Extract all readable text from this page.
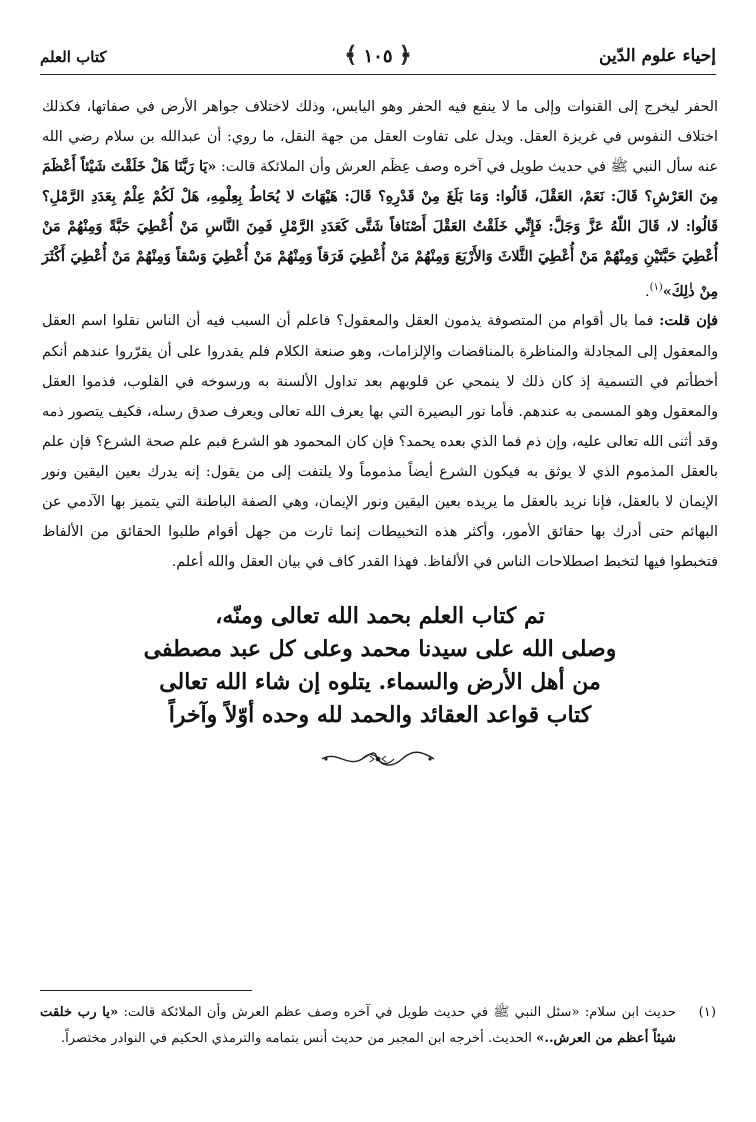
إحياء علوم الدّين
﴿ ١٠٥ ﴾
كتاب العلم

الحفر ليخرج إلى القنوات وإلى ما لا ينفع فيه الحفر وهو اليابس، وذلك لاختلاف جواهر الأرض في صفاتها، فكذلك اختلاف النفوس في غريزة العقل. ويدل على تفاوت العقل من جهة النقل، ما روي: أن عبدالله بن سلام رضي الله عنه سأل النبي ﷺ في حديث طويل في آخره وصف عِظَم العرش وأن الملائكة قالت: «يَا رَبَّنَا هَلْ خَلَقْتَ شَيْئاً أَعْظَمَ مِنَ العَرْشِ؟ قَالَ: نَعَمْ، العَقْلَ، قَالُوا: وَمَا بَلَغَ مِنْ قَدْرِهِ؟ قَالَ: هَيْهَاتَ لا يُحَاطُ بِعِلْمِهِ، هَلْ لَكُمْ عِلْمٌ بِعَدَدِ الرَّمْلِ؟ قَالُوا: لا، قَالَ اللّهُ عَزَّ وَجَلَّ: فَإِنِّي خَلَقْتُ العَقْلَ أَصْنَافاً شَتَّى كَعَدَدِ الرَّمْلِ فَمِنَ النَّاسِ مَنْ أُعْطِيَ حَبَّةً وَمِنْهُمْ مَنْ أُعْطِيَ حَبَّتَيْنِ وَمِنْهُمْ مَنْ أُعْطِيَ الثَّلاثَ وَالأَرْبَعَ وَمِنْهُمْ مَنْ أُعْطِيَ فَرَقاً وَمِنْهُمْ مَنْ أُعْطِيَ وَسْقاً وَمِنْهُمْ مَنْ أُعْطِيَ أَكْثَرَ مِنْ ذٰلِكَ»$^{(١)}$.

فإن قلت: فما بال أقوام من المتصوفة يذمون العقل والمعقول؟ فاعلم أن السبب فيه أن الناس نقلوا اسم العقل والمعقول إلى المجادلة والمناظرة بالمناقضات والإلزامات، وهو صنعة الكلام فلم يقدروا على أن يقرّروا عندهم أنكم أخطأتم في التسمية إذ كان ذلك لا ينمحي عن قلوبهم بعد تداول الألسنة به ورسوخه في القلوب، فذموا العقل والمعقول وهو المسمى به عندهم. فأما نور البصيرة التي بها يعرف الله تعالى ويعرف صدق رسله، فكيف يتصور ذمه وقد أثنى الله تعالى عليه، وإن ذم فما الذي بعده يحمد؟ فإن كان المحمود هو الشرع فبم علم صحة الشرع؟ فإن علم بالعقل المذموم الذي لا يوثق به فيكون الشرع أيضاً مذموماً ولا يلتفت إلى من يقول: إنه يدرك بعين اليقين ونور الإيمان لا بالعقل، فإنا نريد بالعقل ما يريده بعين اليقين ونور الإيمان، وهي الصفة الباطنة التي يتميز بها الآدمي عن البهائم حتى أدرك بها حقائق الأمور، وأكثر هذه التخبيطات إنما ثارت من جهل أقوام طلبوا الحقائق من الألفاظ فتخبطوا فيها لتخبط اصطلاحات الناس في الألفاظ. فهذا القدر كاف في بيان العقل والله أعلم.

تم كتاب العلم بحمد الله تعالى ومنّه،
وصلى الله على سيدنا محمد وعلى كل عبد مصطفى
من أهل الأرض والسماء. يتلوه إن شاء الله تعالى
كتاب قواعد العقائد والحمد لله وحده أوّلاً وآخراً
(١)
حديث ابن سلام: «سئل النبي ﷺ في حديث طويل في آخره وصف عظم العرش وأن الملائكة قالت: «يا رب خلقت شيئاً أعظم من العرش..» الحديث. أخرجه ابن المجبر من حديث أنس بتمامه والترمذي الحكيم في النوادر مختصراً.
